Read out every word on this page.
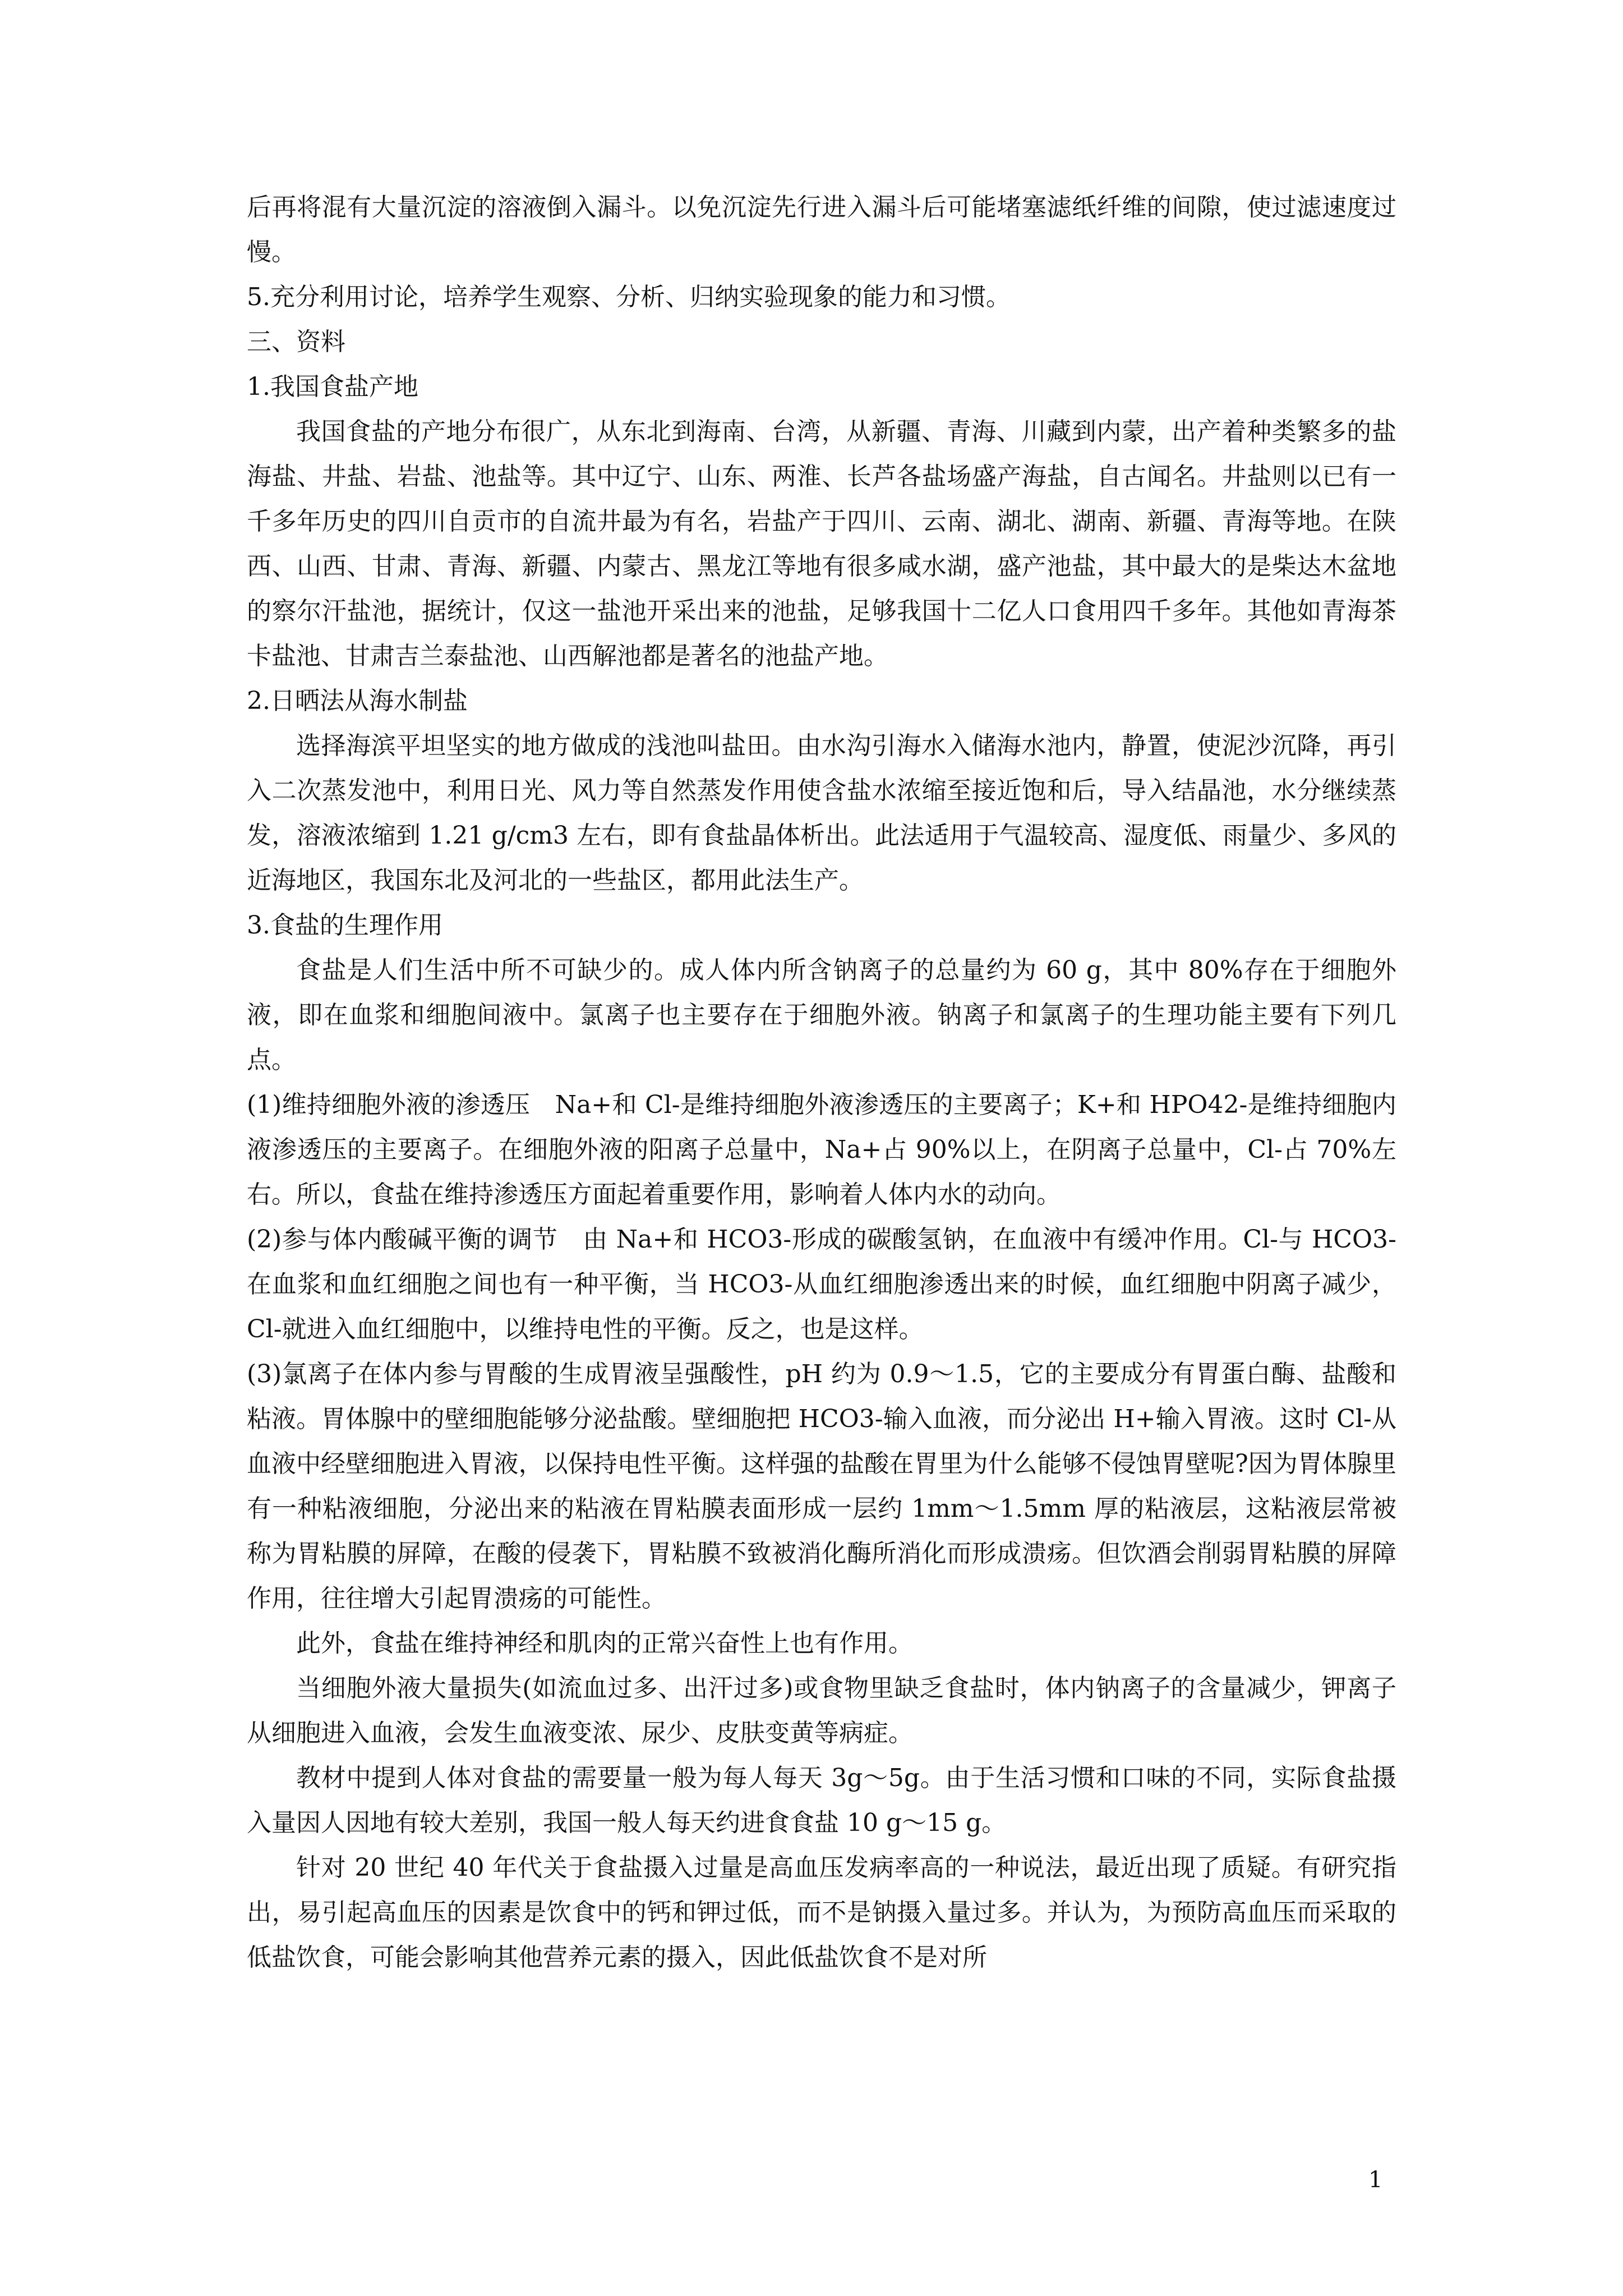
后再将混有大量沉淀的溶液倒入漏斗。以免沉淀先行进入漏斗后可能堵塞滤纸纤维的间隙，使过滤速度过慢。

5.充分利用讨论，培养学生观察、分析、归纳实验现象的能力和习惯。

三、资料

1.我国食盐产地

我国食盐的产地分布很广，从东北到海南、台湾，从新疆、青海、川藏到内蒙，出产着种类繁多的盐 海盐、井盐、岩盐、池盐等。其中辽宁、山东、两淮、长芦各盐场盛产海盐，自古闻名。井盐则以已有一千多年历史的四川自贡市的自流井最为有名，岩盐产于四川、云南、湖北、湖南、新疆、青海等地。在陕西、山西、甘肃、青海、新疆、内蒙古、黑龙江等地有很多咸水湖，盛产池盐，其中最大的是柴达木盆地的察尔汗盐池，据统计，仅这一盐池开采出来的池盐，足够我国十二亿人口食用四千多年。其他如青海茶卡盐池、甘肃吉兰泰盐池、山西解池都是著名的池盐产地。

2.日晒法从海水制盐

选择海滨平坦坚实的地方做成的浅池叫盐田。由水沟引海水入储海水池内，静置，使泥沙沉降，再引入二次蒸发池中，利用日光、风力等自然蒸发作用使含盐水浓缩至接近饱和后，导入结晶池，水分继续蒸发，溶液浓缩到 1.21 g/cm3 左右，即有食盐晶体析出。此法适用于气温较高、湿度低、雨量少、多风的近海地区，我国东北及河北的一些盐区，都用此法生产。

3.食盐的生理作用

食盐是人们生活中所不可缺少的。成人体内所含钠离子的总量约为 60 g，其中 80%存在于细胞外液，即在血浆和细胞间液中。氯离子也主要存在于细胞外液。钠离子和氯离子的生理功能主要有下列几点。

(1)维持细胞外液的渗透压　Na+和 Cl-是维持细胞外液渗透压的主要离子；K+和 HPO42-是维持细胞内液渗透压的主要离子。在细胞外液的阳离子总量中，Na+占 90%以上，在阴离子总量中，Cl-占 70%左右。所以，食盐在维持渗透压方面起着重要作用，影响着人体内水的动向。

(2)参与体内酸碱平衡的调节　由 Na+和 HCO3-形成的碳酸氢钠，在血液中有缓冲作用。Cl-与 HCO3-在血浆和血红细胞之间也有一种平衡，当 HCO3-从血红细胞渗透出来的时候，血红细胞中阴离子减少，Cl-就进入血红细胞中，以维持电性的平衡。反之，也是这样。

(3)氯离子在体内参与胃酸的生成胃液呈强酸性，pH 约为 0.9～1.5，它的主要成分有胃蛋白酶、盐酸和粘液。胃体腺中的壁细胞能够分泌盐酸。壁细胞把 HCO3-输入血液，而分泌出 H+输入胃液。这时 Cl-从血液中经壁细胞进入胃液，以保持电性平衡。这样强的盐酸在胃里为什么能够不侵蚀胃壁呢?因为胃体腺里有一种粘液细胞，分泌出来的粘液在胃粘膜表面形成一层约 1mm～1.5mm 厚的粘液层，这粘液层常被称为胃粘膜的屏障，在酸的侵袭下，胃粘膜不致被消化酶所消化而形成溃疡。但饮酒会削弱胃粘膜的屏障作用，往往增大引起胃溃疡的可能性。

此外，食盐在维持神经和肌肉的正常兴奋性上也有作用。

当细胞外液大量损失(如流血过多、出汗过多)或食物里缺乏食盐时，体内钠离子的含量减少，钾离子从细胞进入血液，会发生血液变浓、尿少、皮肤变黄等病症。

教材中提到人体对食盐的需要量一般为每人每天 3g～5g。由于生活习惯和口味的不同，实际食盐摄入量因人因地有较大差别，我国一般人每天约进食食盐 10 g～15 g。

针对 20 世纪 40 年代关于食盐摄入过量是高血压发病率高的一种说法，最近出现了质疑。有研究指出，易引起高血压的因素是饮食中的钙和钾过低，而不是钠摄入量过多。并认为，为预防高血压而采取的低盐饮食，可能会影响其他营养元素的摄入，因此低盐饮食不是对所

1
